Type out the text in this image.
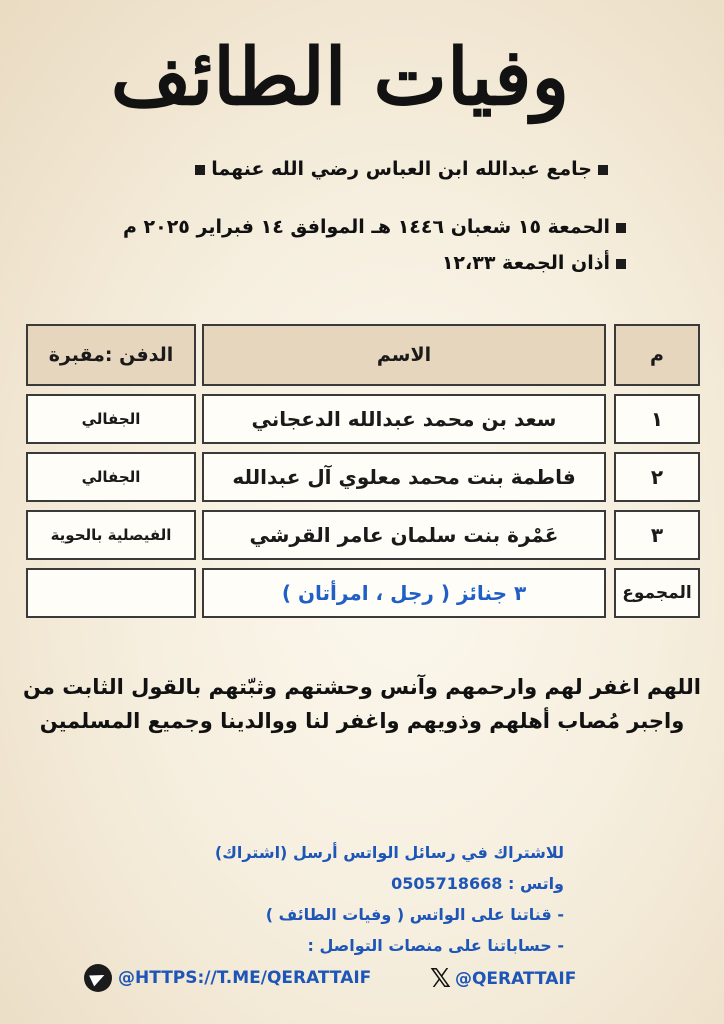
وفيات الطائف
جامع عبدالله ابن العباس رضي الله عنهما
الحمعة ١٥ شعبان ١٤٤٦ هـ الموافق ١٤ فبراير ٢٠٢٥ م
أذان الجمعة ١٢،٣٣
م
الاسم
الدفن :مقبرة
١
سعد بن محمد عبدالله الدعجاني
الجفالي
٢
فاطمة بنت محمد معلوي آل عبدالله
الجفالي
٣
عَمْرة بنت سلمان عامر القرشي
الفيصلية بالحوية
المجموع
٣ جنائز ( رجل ، امرأتان )
اللهم اغفر لهم وارحمهم وآنس وحشتهم وثبّتهم بالقول الثابت من
واجبر مُصاب أهلهم وذويهم واغفر لنا ووالدينا وجميع المسلمين
للاشتراك في رسائل الواتس أرسل (اشتراك)
واتس : 0505718668
- قناتنا على الواتس ( وفيات الطائف )
- حساباتنا على منصات التواصل :
@HTTPS://T.ME/QERATTAIF 𝕏 @QERATTAIF
